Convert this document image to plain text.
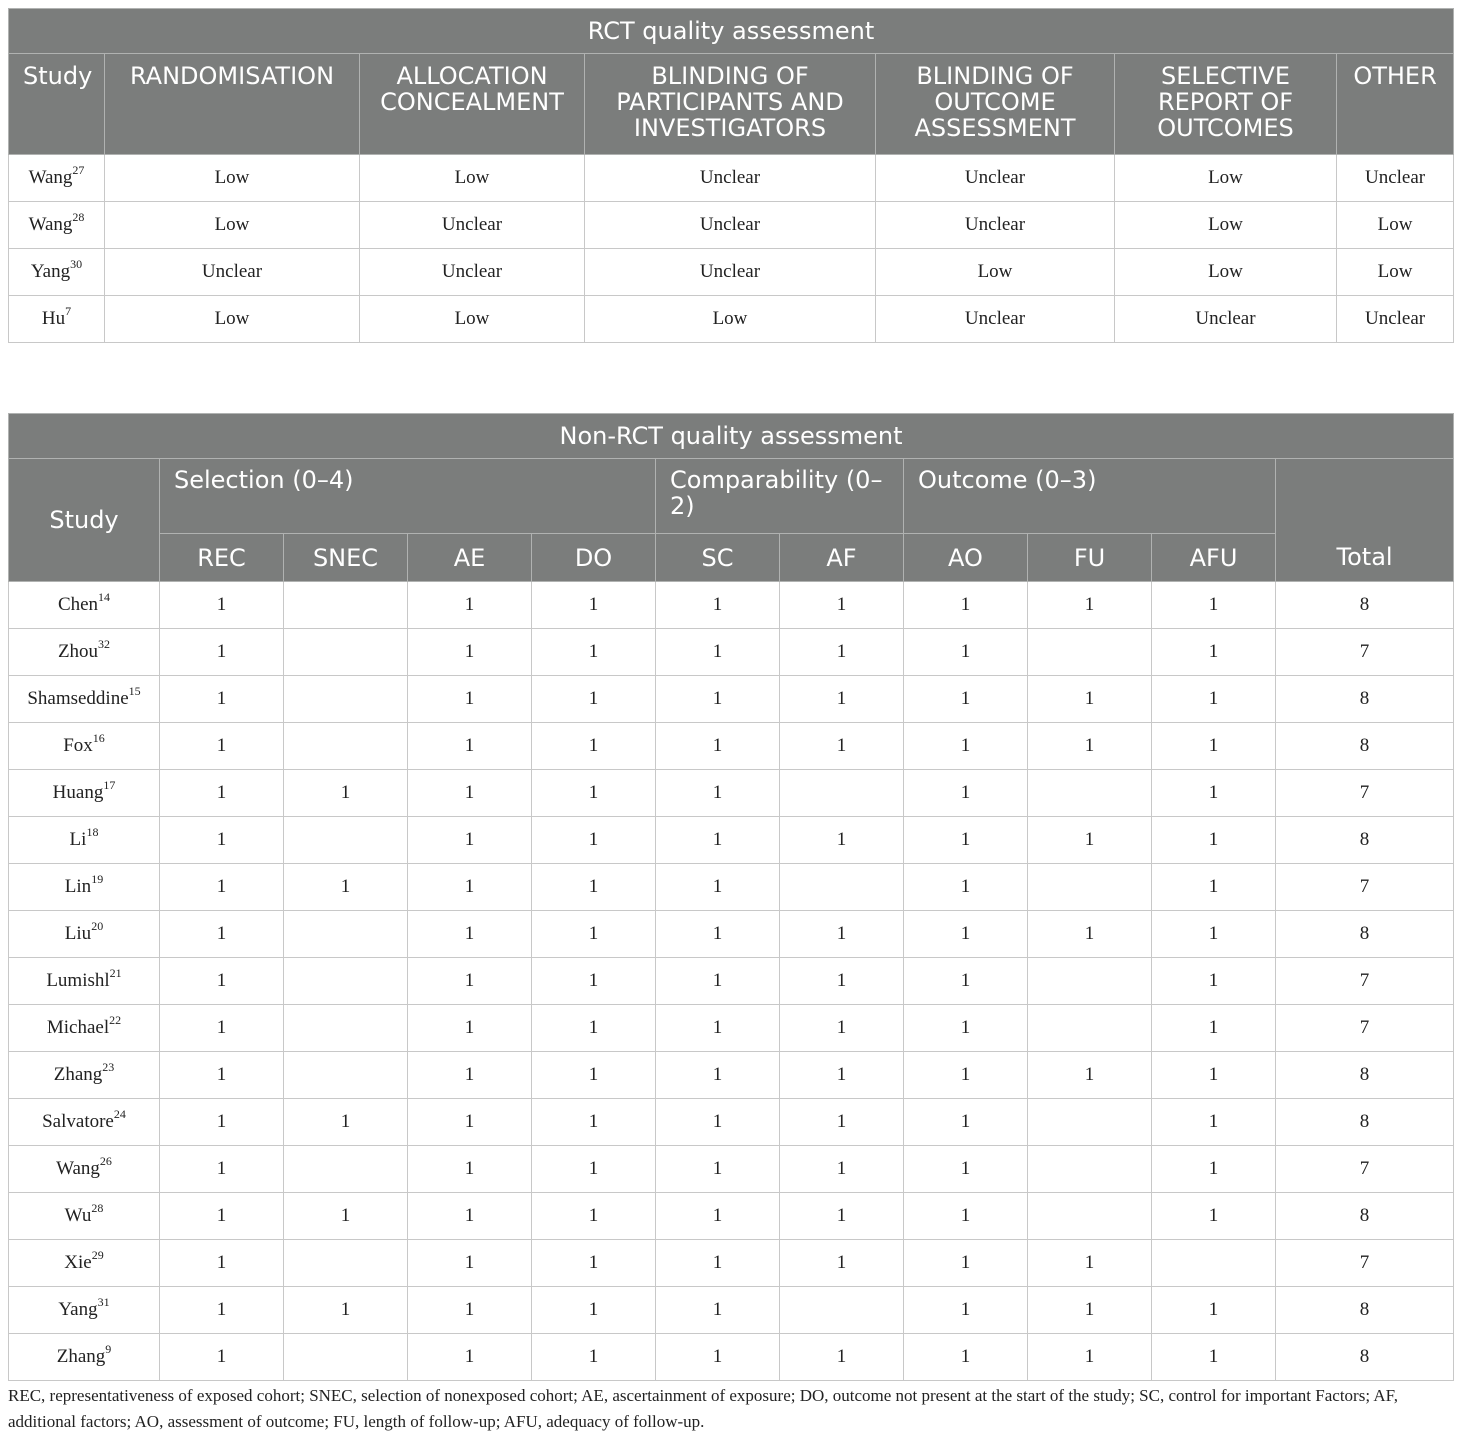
RCT quality assessment						
Study	RANDOMISATION	ALLOCATION CONCEALMENT	BLINDING OF PARTICIPANTS AND INVESTIGATORS	BLINDING OF OUTCOME ASSESSMENT	SELECTIVE REPORT OF OUTCOMES	OTHER
Wang$^{27}$	Low	Low	Unclear	Unclear	Low	Unclear
Wang$^{28}$	Low	Unclear	Unclear	Unclear	Low	Low
Yang$^{30}$	Unclear	Unclear	Unclear	Low	Low	Low
Hu$^7$	Low	Low	Low	Unclear	Unclear	Unclear
Non-RCT quality assessment										
Study	Selection (0–4)				Comparability (0–2)		Outcome (0–3)			Total
	REC	SNEC	AE	DO	SC	AF	AO	FU	AFU	
Chen$^{14}$	1		1	1	1	1	1	1	1	8
Zhou$^{32}$	1		1	1	1	1	1		1	7
Shamseddine$^{15}$	1		1	1	1	1	1	1	1	8
Fox$^{16}$	1		1	1	1	1	1	1	1	8
Huang$^{17}$	1	1	1	1	1		1		1	7
Li$^{18}$	1		1	1	1	1	1	1	1	8
Lin$^{19}$	1	1	1	1	1		1		1	7
Liu$^{20}$	1		1	1	1	1	1	1	1	8
Lumishl$^{21}$	1		1	1	1	1	1		1	7
Michael$^{22}$	1		1	1	1	1	1		1	7
Zhang$^{23}$	1		1	1	1	1	1	1	1	8
Salvatore$^{24}$	1	1	1	1	1	1	1		1	8
Wang$^{26}$	1		1	1	1	1	1		1	7
Wu$^{28}$	1	1	1	1	1	1	1		1	8
Xie$^{29}$	1		1	1	1	1	1	1		7
Yang$^{31}$	1	1	1	1	1		1	1	1	8
Zhang$^9$	1		1	1	1	1	1	1	1	8

REC, representativeness of exposed cohort; SNEC, selection of nonexposed cohort; AE, ascertainment of exposure; DO, outcome not present at the start of the study; SC, control for important Factors; AF, additional factors; AO, assessment of outcome; FU, length of follow-up; AFU, adequacy of follow-up.
